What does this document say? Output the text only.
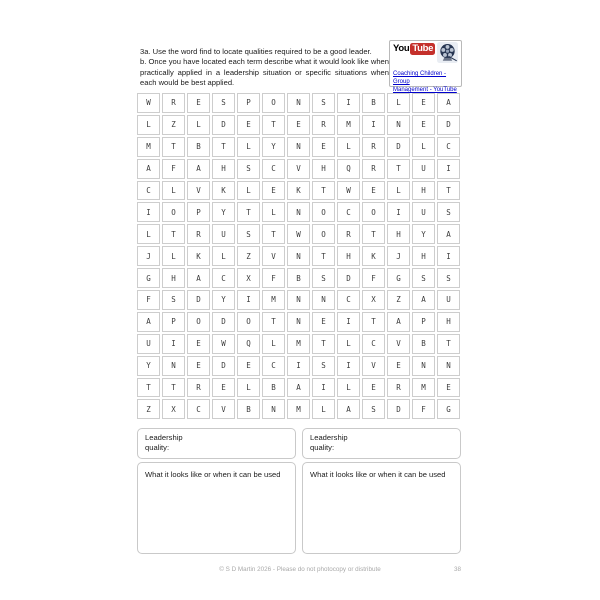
3a. Use the word find to locate qualities required to be a good leader.
b. Once you have located each term describe what it would look like when practically applied in a leadership situation or specific situations when each would be best applied.
You Tube
Coaching Children - Group
Management - YouTube
W	R	E	S	P	O	N	S	I	B	L	E	A
L	Z	L	D	E	T	E	R	M	I	N	E	D
M	T	B	T	L	Y	N	E	L	R	D	L	C
A	F	A	H	S	C	V	H	Q	R	T	U	I
C	L	V	K	L	E	K	T	W	E	L	H	T
I	O	P	Y	T	L	N	O	C	O	I	U	S
L	T	R	U	S	T	W	O	R	T	H	Y	A
J	L	K	L	Z	V	N	T	H	K	J	H	I
G	H	A	C	X	F	B	S	D	F	G	S	S
F	S	D	Y	I	M	N	N	C	X	Z	A	U
A	P	O	D	O	T	N	E	I	T	A	P	H
U	I	E	W	Q	L	M	T	L	C	V	B	T
Y	N	E	D	E	C	I	S	I	V	E	N	N
T	T	R	E	L	B	A	I	L	E	R	M	E
Z	X	C	V	B	N	M	L	A	S	D	F	G
Leadership
quality:
What it looks like or when it can be used
Leadership
quality:
What it looks like or when it can be used
© S D Martin 2026 - Please do not photocopy or distribute	38
